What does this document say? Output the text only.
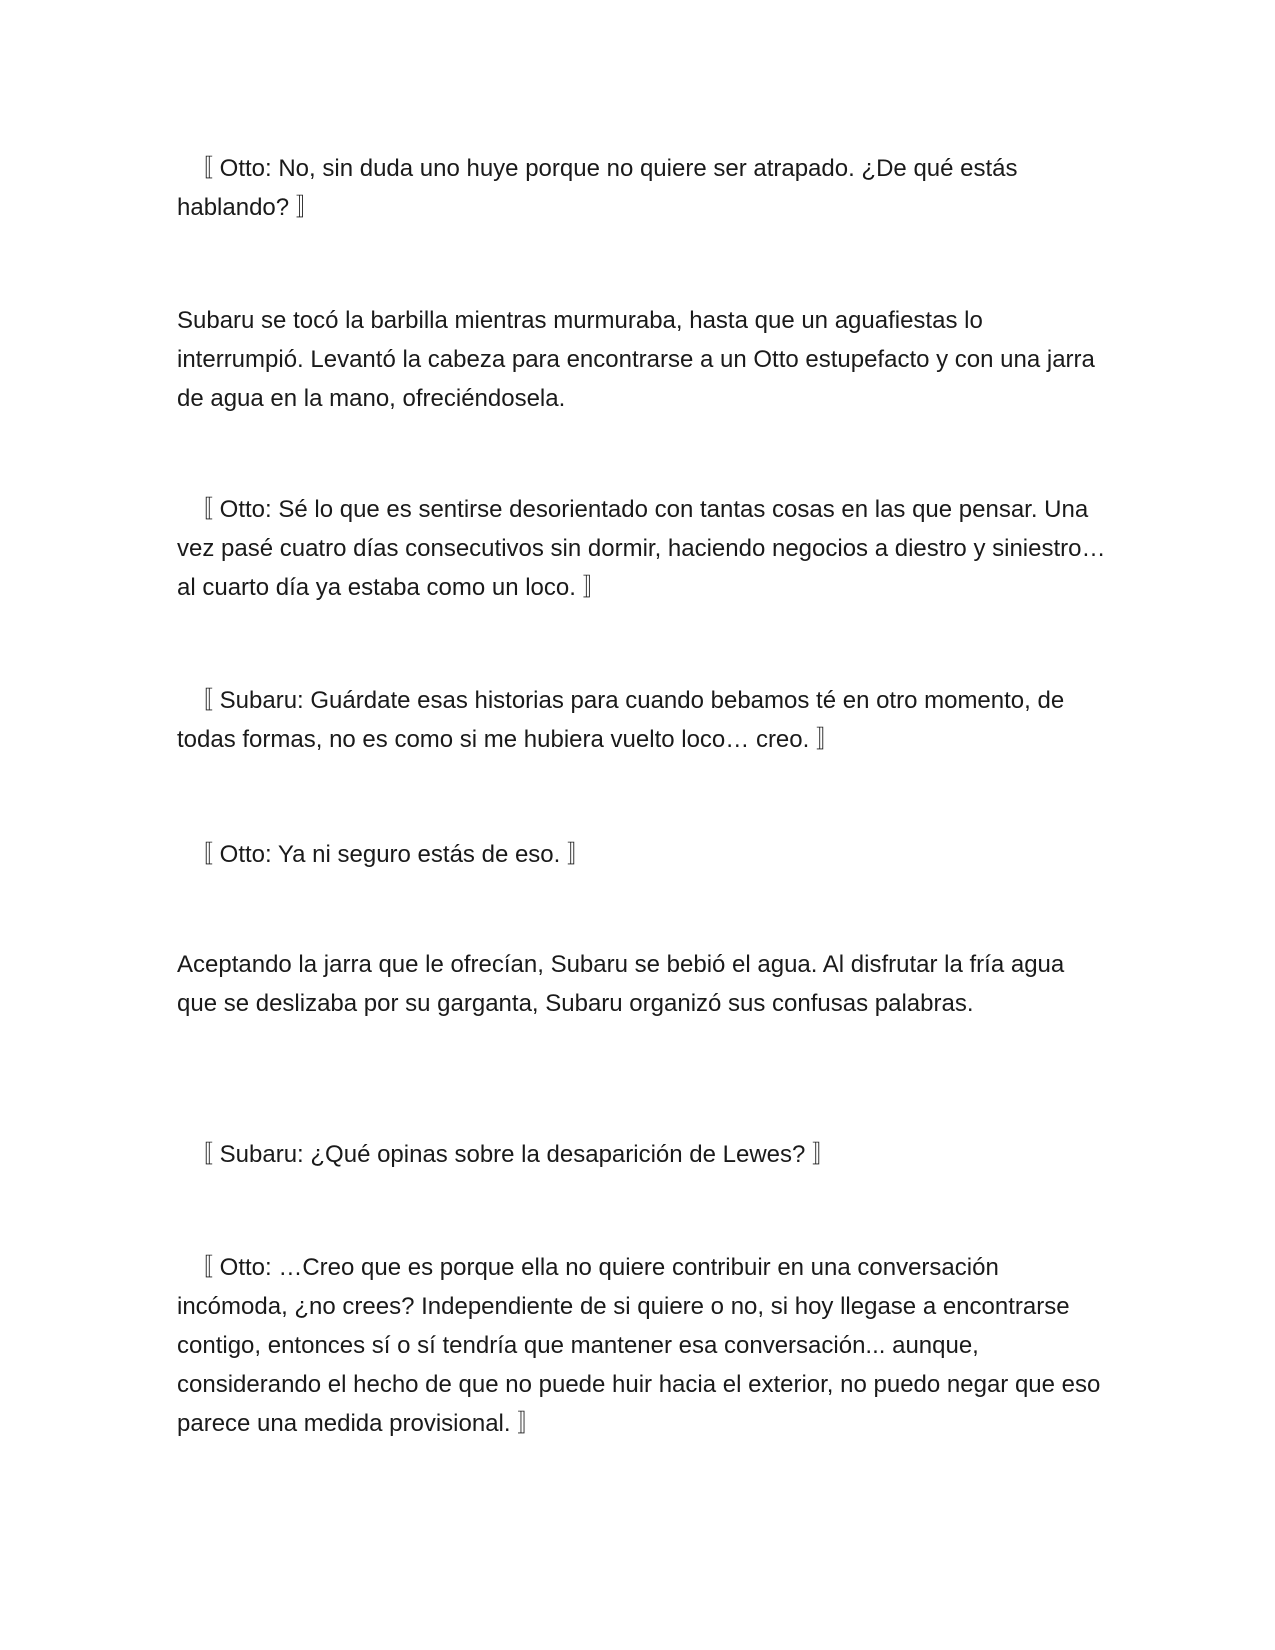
〚 Otto: No, sin duda uno huye porque no quiere ser atrapado. ¿De qué estás hablando? 〛

Subaru se tocó la barbilla mientras murmuraba, hasta que un aguafiestas lo interrumpió. Levantó la cabeza para encontrarse a un Otto estupefacto y con una jarra de agua en la mano, ofreciéndosela.

〚 Otto: Sé lo que es sentirse desorientado con tantas cosas en las que pensar. Una vez pasé cuatro días consecutivos sin dormir, haciendo negocios a diestro y siniestro… al cuarto día ya estaba como un loco. 〛

〚 Subaru: Guárdate esas historias para cuando bebamos té en otro momento, de todas formas, no es como si me hubiera vuelto loco… creo. 〛

〚 Otto: Ya ni seguro estás de eso. 〛

Aceptando la jarra que le ofrecían, Subaru se bebió el agua. Al disfrutar la fría agua que se deslizaba por su garganta, Subaru organizó sus confusas palabras.

〚 Subaru: ¿Qué opinas sobre la desaparición de Lewes? 〛

〚 Otto: …Creo que es porque ella no quiere contribuir en una conversación incómoda, ¿no crees? Independiente de si quiere o no, si hoy llegase a encontrarse contigo, entonces sí o sí tendría que mantener esa conversación... aunque, considerando el hecho de que no puede huir hacia el exterior, no puedo negar que eso parece una medida provisional. 〛
